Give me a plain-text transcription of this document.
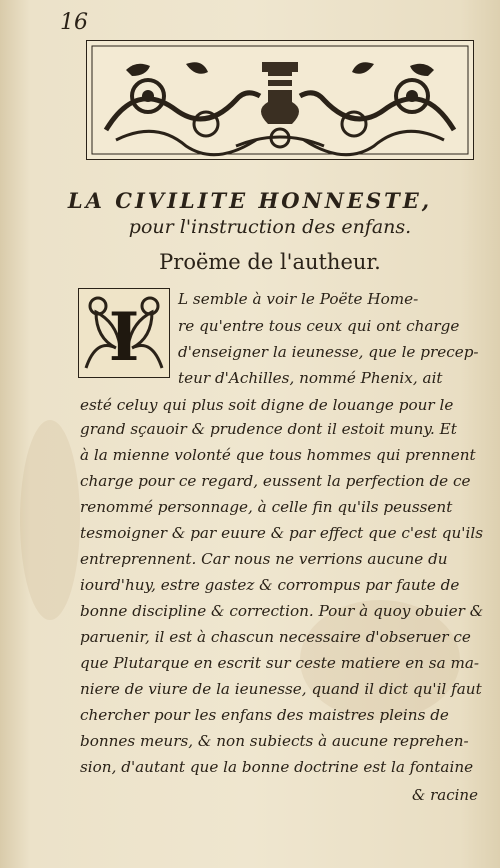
16
LA CIVILITE HONNESTE,
pour l'instruction des enfans.
Proëme de l'autheur.
I	L semble à voir le Poëte Home-
re qu'entre tous ceux qui ont charge
d'enseigner la ieunesse, que le precep-
teur d'Achilles, nommé Phenix, ait
esté celuy qui plus soit digne de louange pour le
grand sçauoir & prudence dont il estoit muny. Et
à la mienne volonté que tous hommes qui prennent
charge pour ce regard, eussent la perfection de ce
renommé personnage, à celle fin qu'ils peussent
tesmoigner & par euure & par effect que c'est qu'ils
entreprennent. Car nous ne verrions aucune du
iourd'huy, estre gastez & corrompus par faute de
bonne discipline & correction. Pour à quoy obuier &
paruenir, il est à chascun necessaire d'obseruer ce
que Plutarque en escrit sur ceste matiere en sa ma-
niere de viure de la ieunesse, quand il dict qu'il faut
chercher pour les enfans des maistres pleins de
bonnes meurs, & non subiects à aucune reprehen-
sion, d'autant que la bonne doctrine est la fontaine
& racine
